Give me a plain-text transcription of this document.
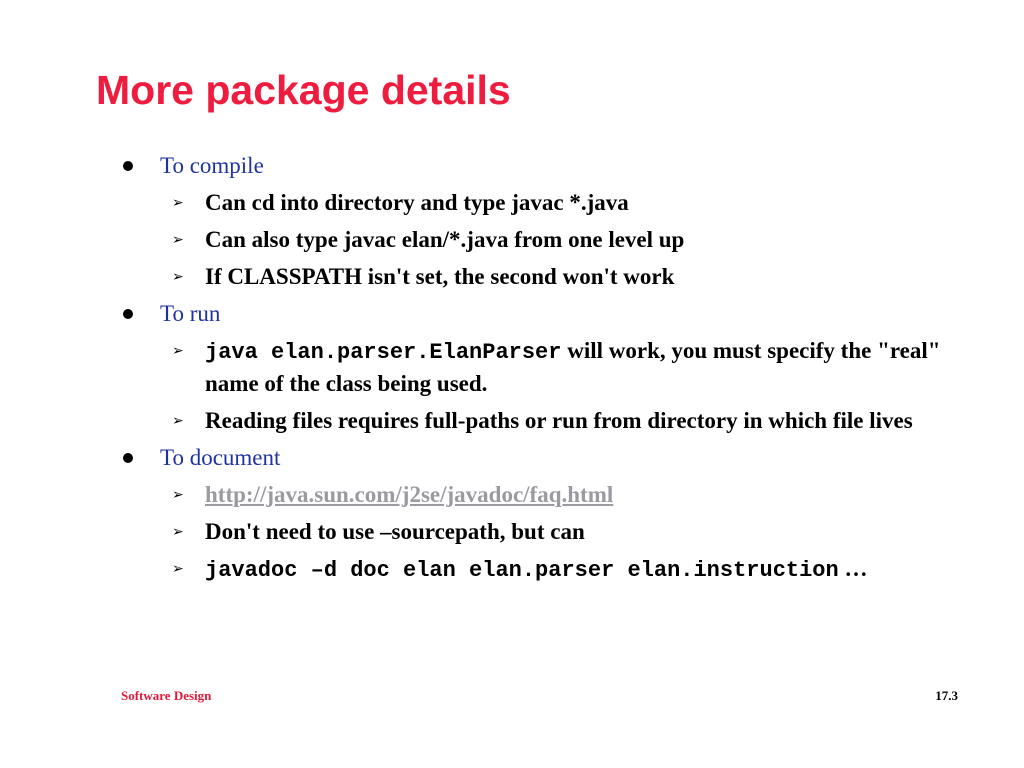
More package details
To compile
➢ Can cd into directory and type javac *.java
➢ Can also type javac elan/*.java from one level up
➢ If CLASSPATH isn't set, the second won't work
To run
➢ java elan.parser.ElanParser will work, you must specify the "real" name of the class being used.
➢ Reading files requires full-paths or run from directory in which file lives
To document
➢ http://java.sun.com/j2se/javadoc/faq.html
➢ Don't need to use –sourcepath, but can
➢ javadoc –d doc elan elan.parser elan.instruction …
Software Design	17.3
